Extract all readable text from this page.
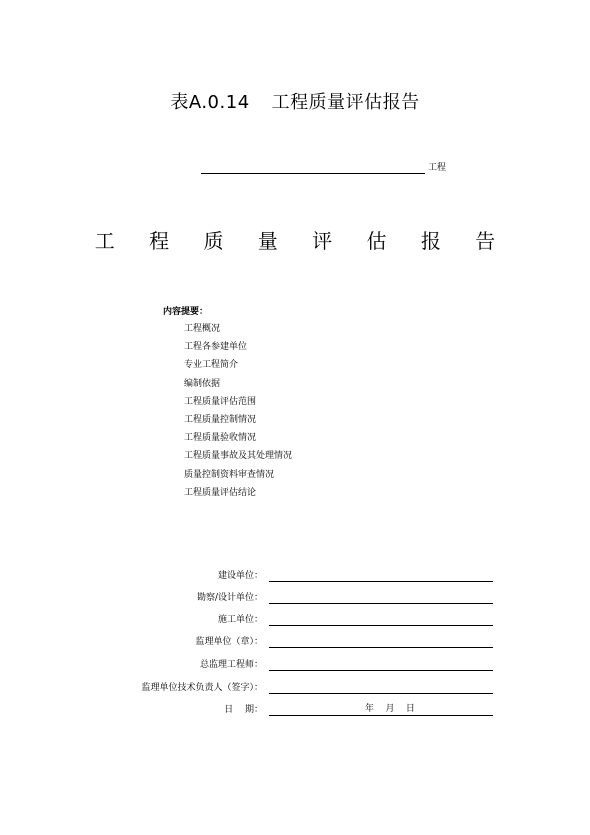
表A.0.14 工程质量评估报告
工程
工 程 质 量 评 估 报 告
内容提要：
工程概况
工程各参建单位
专业工程简介
编制依据
工程质量评估范围
工程质量控制情况
工程质量验收情况
工程质量事故及其处理情况
质量控制资料审查情况
工程质量评估结论
建设单位：
勘察/设计单位：
施工单位：
监理单位（章）：
总监理工程师：
监理单位技术负责人（签字）：
日　 期：	年    月    日
